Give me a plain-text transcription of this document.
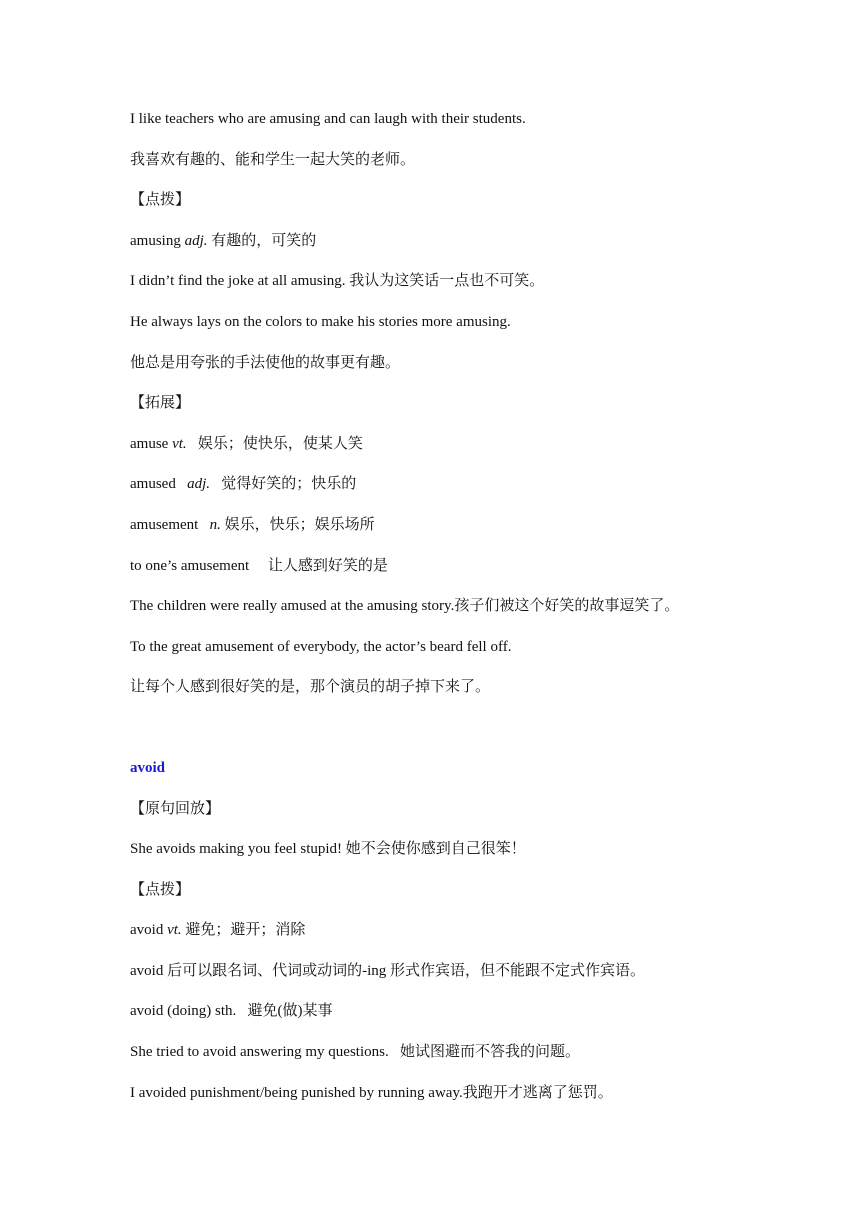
I like teachers who are amusing and can laugh with their students.
我喜欢有趣的、能和学生一起大笑的老师。
【点拨】
amusing adj. 有趣的，可笑的
I didn’t find the joke at all amusing. 我认为这笑话一点也不可笑。
He always lays on the colors to make his stories more amusing.
他总是用夸张的手法使他的故事更有趣。
【拓展】
amuse vt.   娱乐；使快乐，使某人笑
amused   adj.   觉得好笑的；快乐的
amusement   n. 娱乐，快乐；娱乐场所
to one’s amusement     让人感到好笑的是
The children were really amused at the amusing story.孩子们被这个好笑的故事逗笑了。
To the great amusement of everybody, the actor’s beard fell off.
让每个人感到很好笑的是，那个演员的胡子掉下来了。
avoid
【原句回放】
She avoids making you feel stupid! 她不会使你感到自己很笨！
【点拨】
avoid vt. 避免；避开；消除
avoid 后可以跟名词、代词或动词的-ing 形式作宾语，但不能跟不定式作宾语。
avoid (doing) sth.   避免(做)某事
She tried to avoid answering my questions.   她试图避而不答我的问题。
I avoided punishment/being punished by running away.我跑开才逃离了惩罚。
